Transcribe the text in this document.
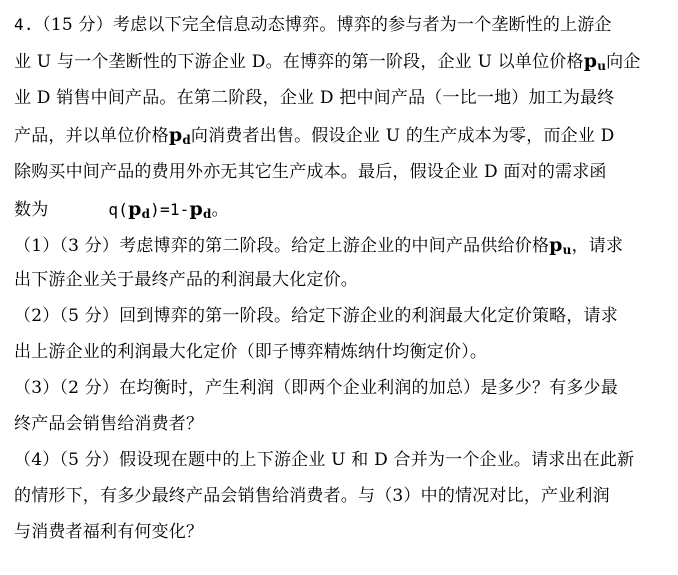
4.（15 分）考虑以下完全信息动态博弈。博弈的参与者为一个垄断性的上游企
业 U 与一个垄断性的下游企业 D。在博弈的第一阶段，企业 U 以单位价格$p_u$向企
业 D 销售中间产品。在第二阶段，企业 D 把中间产品（一比一地）加工为最终
产品，并以单位价格$p_d$向消费者出售。假设企业 U 的生产成本为零，而企业 D
除购买中间产品的费用外亦无其它生产成本。最后，假设企业 D 面对的需求函
数为	$q(p_d)=1-p_d$。
（1）（3 分）考虑博弈的第二阶段。给定上游企业的中间产品供给价格$p_u$，请求
出下游企业关于最终产品的利润最大化定价。
（2）（5 分）回到博弈的第一阶段。给定下游企业的利润最大化定价策略，请求
出上游企业的利润最大化定价（即子博弈精炼纳什均衡定价）。
（3）（2 分）在均衡时，产生利润（即两个企业利润的加总）是多少？有多少最
终产品会销售给消费者？
（4）（5 分）假设现在题中的上下游企业 U 和 D 合并为一个企业。请求出在此新
的情形下，有多少最终产品会销售给消费者。与（3）中的情况对比，产业利润
与消费者福利有何变化？
